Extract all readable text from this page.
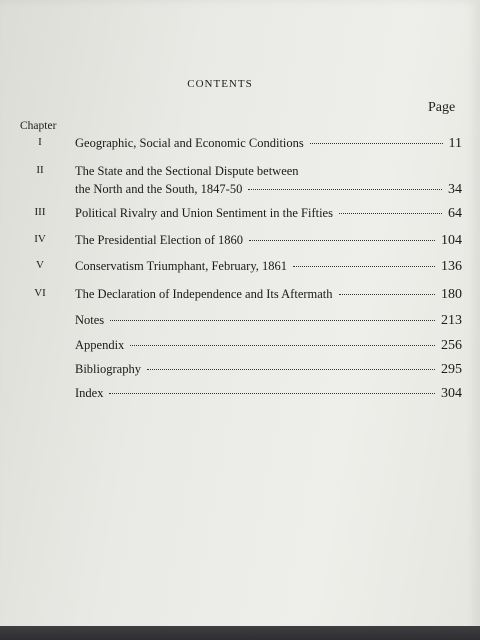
CONTENTS
Page
Chapter
I	Geographic, Social and Economic Conditions	11
II	The State and the Sectional Dispute between
the North and the South, 1847-50	34
III	Political Rivalry and Union Sentiment in the Fifties	64
IV	The Presidential Election of 1860	104
V	Conservatism Triumphant, February, 1861	136
VI	The Declaration of Independence and Its Aftermath	180
Notes	213
Appendix	256
Bibliography	295
Index	304
